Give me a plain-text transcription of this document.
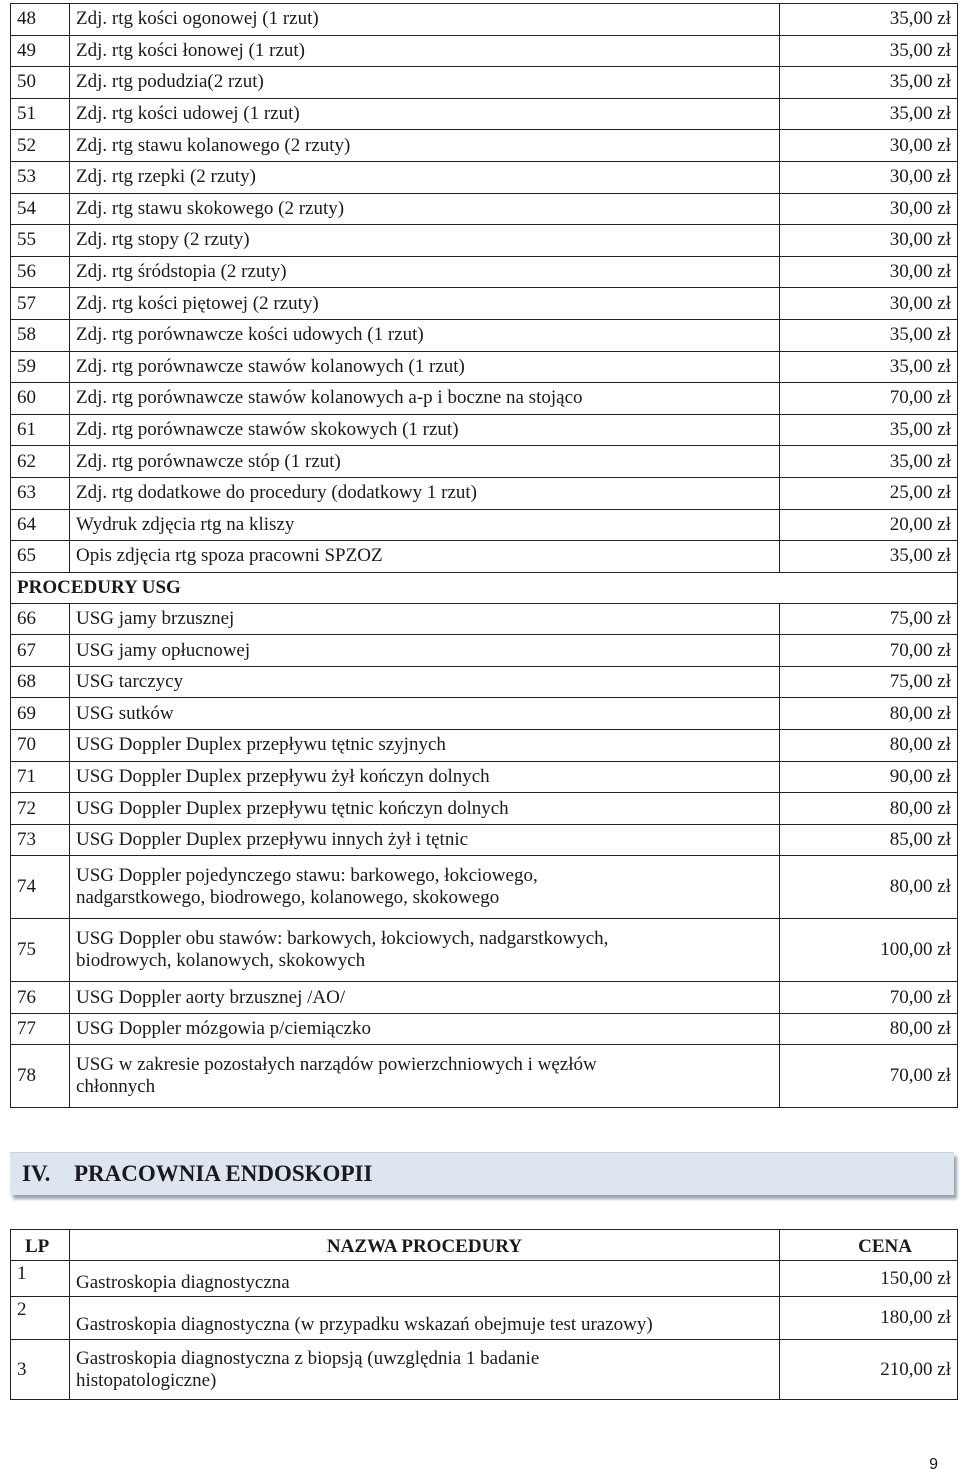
48	Zdj. rtg kości ogonowej (1 rzut)	35,00 zł
49	Zdj. rtg kości łonowej (1 rzut)	35,00 zł
50	Zdj. rtg podudzia(2 rzut)	35,00 zł
51	Zdj. rtg kości udowej (1 rzut)	35,00 zł
52	Zdj. rtg stawu kolanowego (2 rzuty)	30,00 zł
53	Zdj. rtg rzepki (2 rzuty)	30,00 zł
54	Zdj. rtg stawu skokowego (2 rzuty)	30,00 zł
55	Zdj. rtg stopy (2 rzuty)	30,00 zł
56	Zdj. rtg śródstopia (2 rzuty)	30,00 zł
57	Zdj. rtg kości piętowej (2 rzuty)	30,00 zł
58	Zdj. rtg porównawcze kości udowych (1 rzut)	35,00 zł
59	Zdj. rtg porównawcze stawów kolanowych (1 rzut)	35,00 zł
60	Zdj. rtg porównawcze stawów kolanowych a-p i boczne na stojąco	70,00 zł
61	Zdj. rtg porównawcze stawów skokowych (1 rzut)	35,00 zł
62	Zdj. rtg porównawcze stóp (1 rzut)	35,00 zł
63	Zdj. rtg dodatkowe do procedury (dodatkowy 1 rzut)	25,00 zł
64	Wydruk zdjęcia rtg na kliszy	20,00 zł
65	Opis zdjęcia rtg spoza pracowni SPZOZ	35,00 zł
PROCEDURY USG		
66	USG jamy brzusznej	75,00 zł
67	USG jamy opłucnowej	70,00 zł
68	USG tarczycy	75,00 zł
69	USG sutków	80,00 zł
70	USG Doppler Duplex przepływu tętnic szyjnych	80,00 zł
71	USG Doppler Duplex przepływu żył kończyn dolnych	90,00 zł
72	USG Doppler Duplex przepływu tętnic kończyn dolnych	80,00 zł
73	USG Doppler Duplex przepływu innych żył i tętnic	85,00 zł
74	USG Doppler pojedynczego stawu: barkowego, łokciowego,
nadgarstkowego, biodrowego, kolanowego, skokowego	80,00 zł
75	USG Doppler obu stawów: barkowych, łokciowych, nadgarstkowych,
biodrowych, kolanowych, skokowych	100,00 zł
76	USG Doppler aorty brzusznej /AO/	70,00 zł
77	USG Doppler mózgowia p/ciemiączko	80,00 zł
78	USG w zakresie pozostałych narządów powierzchniowych i węzłów
chłonnych	70,00 zł
IV.	PRACOWNIA ENDOSKOPII
LP	NAZWA PROCEDURY	CENA
1	Gastroskopia diagnostyczna	150,00 zł
2	Gastroskopia diagnostyczna (w przypadku wskazań obejmuje test urazowy)	180,00 zł
3	Gastroskopia diagnostyczna z biopsją (uwzględnia 1 badanie
histopatologiczne)	210,00 zł
9
